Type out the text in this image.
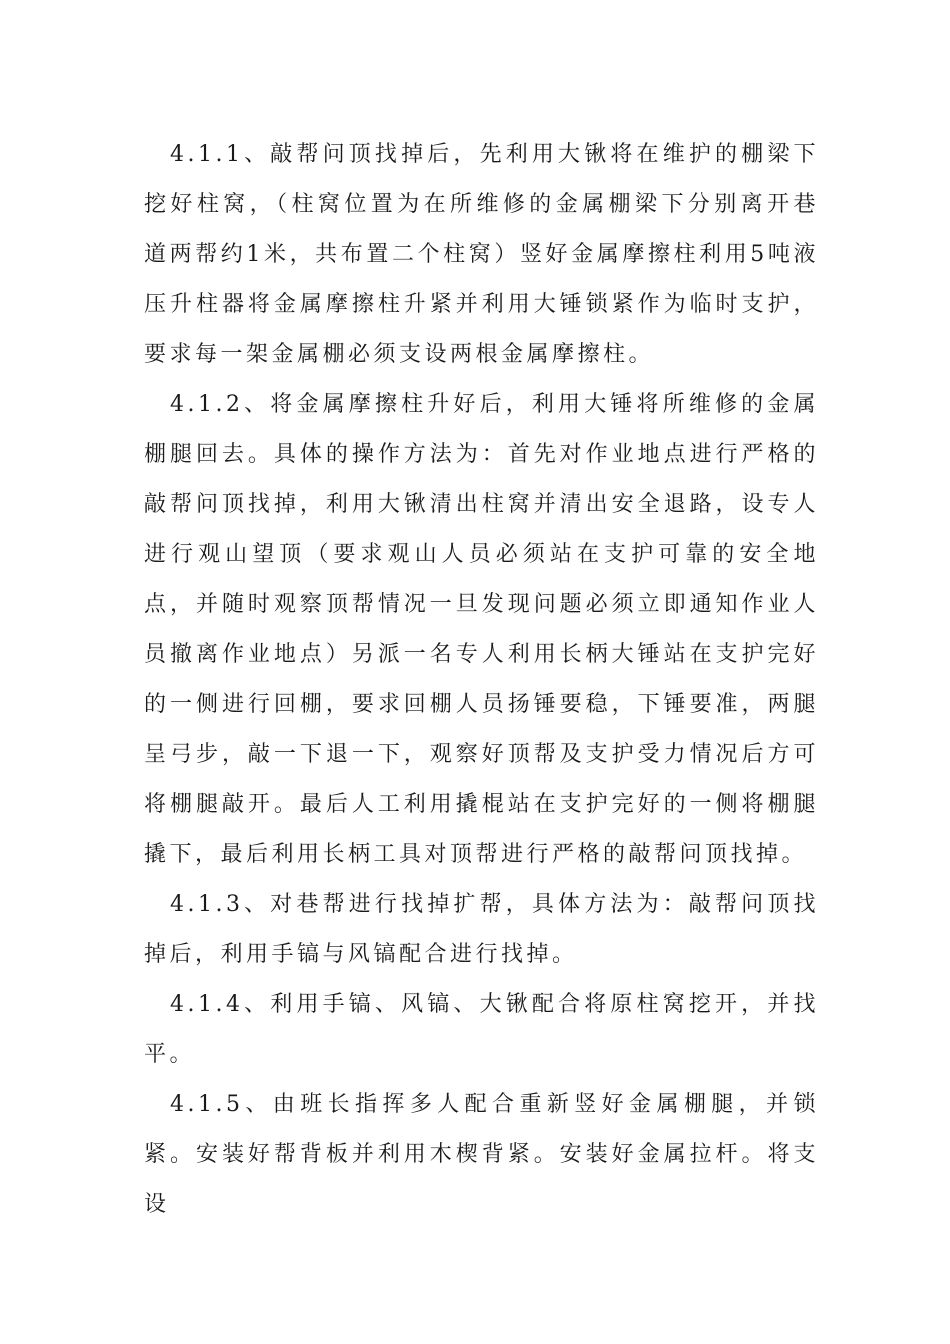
4.1.1、敲帮问顶找掉后，先利用大锹将在维护的棚梁下挖好柱窝，（柱窝位置为在所维修的金属棚梁下分别离开巷道两帮约1米，共布置二个柱窝）竖好金属摩擦柱利用5吨液压升柱器将金属摩擦柱升紧并利用大锤锁紧作为临时支护，要求每一架金属棚必须支设两根金属摩擦柱。

4.1.2、将金属摩擦柱升好后，利用大锤将所维修的金属棚腿回去。具体的操作方法为：首先对作业地点进行严格的敲帮问顶找掉，利用大锹清出柱窝并清出安全退路，设专人进行观山望顶（要求观山人员必须站在支护可靠的安全地点，并随时观察顶帮情况一旦发现问题必须立即通知作业人员撤离作业地点）另派一名专人利用长柄大锤站在支护完好的一侧进行回棚，要求回棚人员扬锤要稳，下锤要准，两腿呈弓步，敲一下退一下，观察好顶帮及支护受力情况后方可将棚腿敲开。最后人工利用撬棍站在支护完好的一侧将棚腿撬下，最后利用长柄工具对顶帮进行严格的敲帮问顶找掉。

4.1.3、对巷帮进行找掉扩帮，具体方法为：敲帮问顶找掉后，利用手镐与风镐配合进行找掉。

4.1.4、利用手镐、风镐、大锹配合将原柱窝挖开，并找平。

4.1.5、由班长指挥多人配合重新竖好金属棚腿，并锁紧。安装好帮背板并利用木楔背紧。安装好金属拉杆。将支设
